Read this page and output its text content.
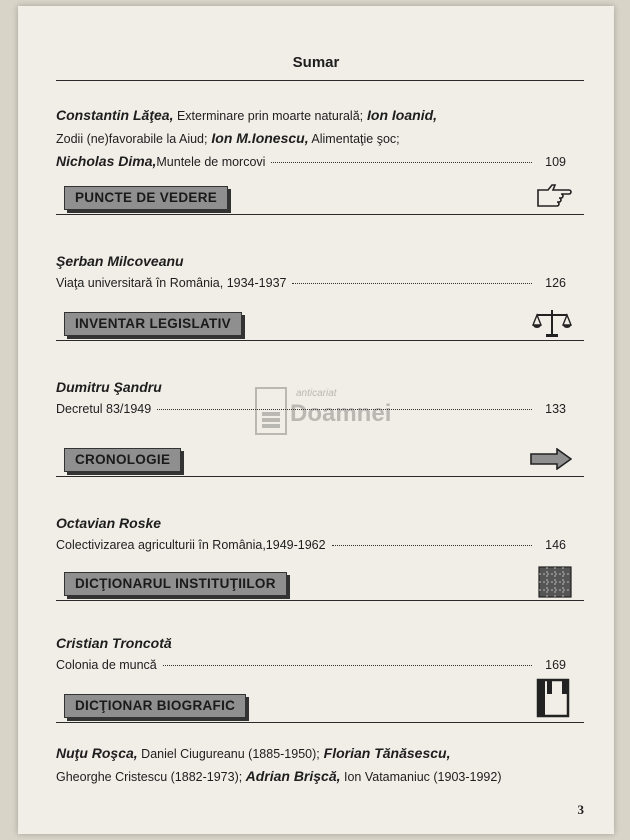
Sumar
Constantin Lăţea, Exterminare prin moarte naturală; Ion Ioanid,
Zodii (ne)favorabile la Aiud; Ion M.Ionescu, Alimentaţie şoc;
Nicholas Dima, Muntele de morcovi	109
PUNCTE DE VEDERE
Şerban Milcoveanu
Viaţa universitară în România, 1934-1937	126
INVENTAR LEGISLATIV
Dumitru Şandru
Decretul 83/1949	133
CRONOLOGIE
Octavian Roske
Colectivizarea agriculturii în România,1949-1962	146
DICŢIONARUL INSTITUŢIILOR
Cristian Troncotă
Colonia de muncă	169
DICŢIONAR BIOGRAFIC
Nuţu Roşca, Daniel Ciugureanu (1885-1950); Florian Tănăsescu,
Gheorghe Cristescu (1882-1973); Adrian Brişcă, Ion Vatamaniuc (1903-1992)
anticariat
Doamnei
3
